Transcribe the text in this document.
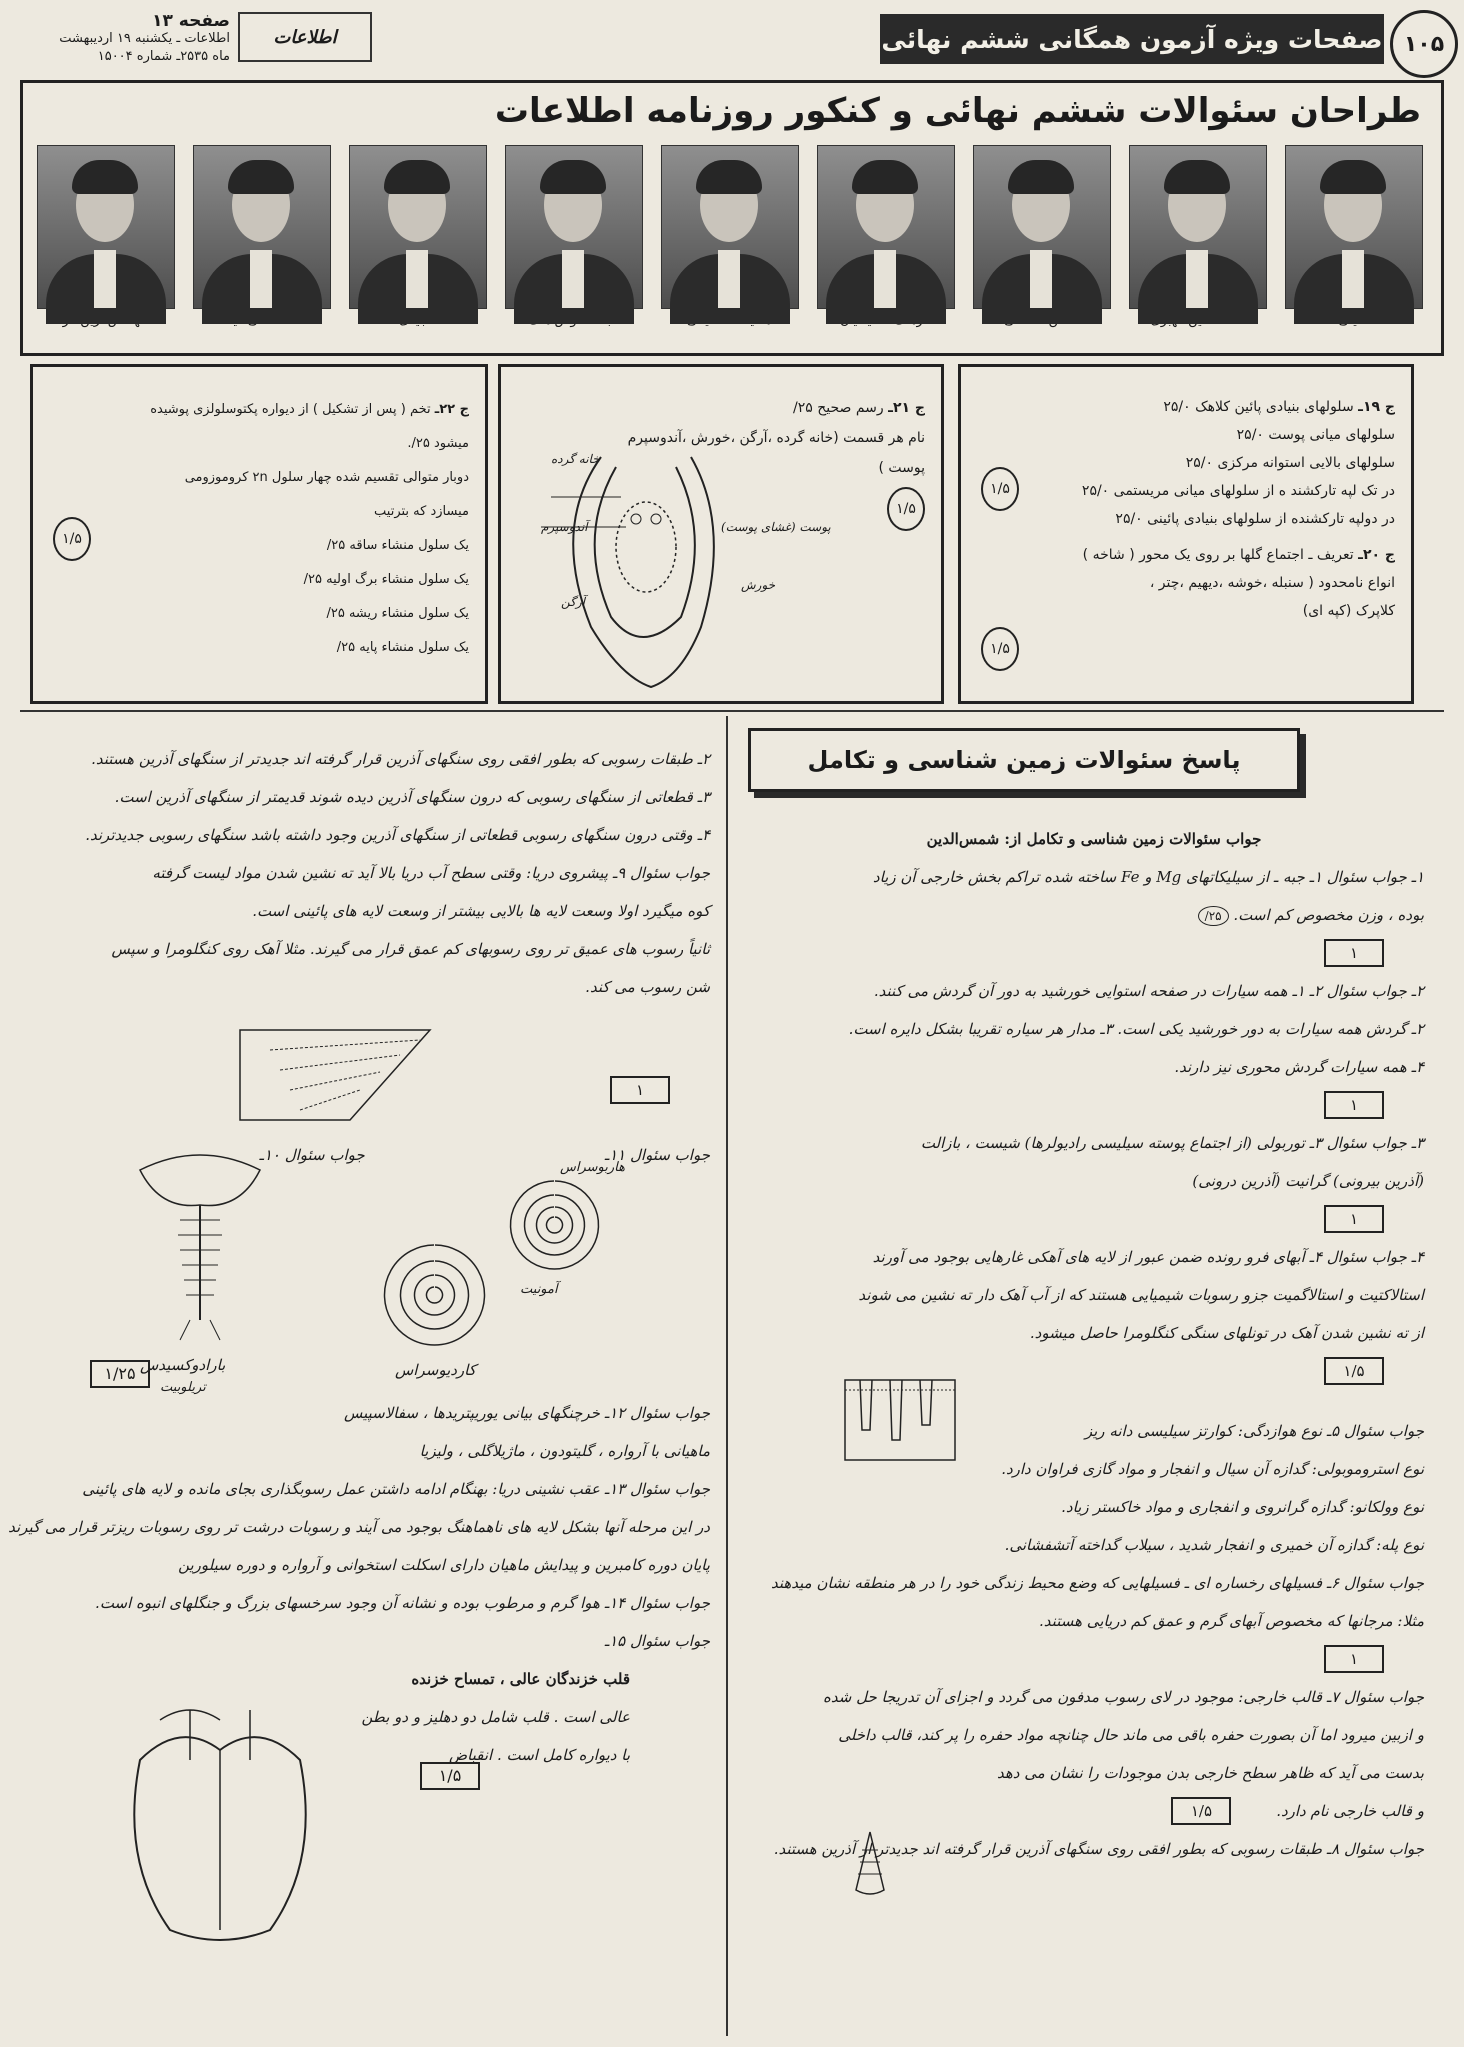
۱۰۵
صفحات ویژه آزمون همگانی ششم نهائی
اطلاعات
صفحه ۱۳
اطلاعات ـ یکشنبه ۱۹ اردیبهشت
ماه ۲۵۳۵ـ شماره ۱۵۰۰۴
طراحان سئوالات ششم نهائی و کنکور روزنامه اطلاعات
ج ۱۹ـ سلولهای بنیادی پائین کلاهک ۲۵/۰
سلولهای میانی پوست ۲۵/۰
سلولهای بالایی استوانه مرکزی ۲۵/۰
در تک لپه تارکشند ه از سلولهای میانی مریستمی ۲۵/۰
در دولپه تارکشنده از سلولهای بنیادی پائینی ۲۵/۰
ج ۲۰ـ تعریف ـ اجتماع گلها بر روی یک محور ( شاخه )
انواع نامحدود ( سنبله ،خوشه ،دیهیم ،چتر ،
کلاپرک (کپه ای)
۱/۵
۱/۵
ج ۲۱ـ رسم صحیح ۲۵/
نام هر قسمت (خانه گرده ،آرگن ،خورش ،آندوسپرم
پوست )
۱/۵
خانه گرده
آندوسپرم
آرگن
پوست (غشای پوست)
خورش
ج ۲۲ـ تخم ( پس از تشکیل ) از دیواره پکتوسلولزی پوشیده
میشود ۲۵/.
دوبار متوالی تقسیم شده چهار سلول ۲n کروموزومی
میسازد که بترتیب
یک سلول منشاء ساقه ۲۵/
یک سلول منشاء برگ اولیه ۲۵/
یک سلول منشاء ریشه ۲۵/
یک سلول منشاء پایه ۲۵/
۱/۵
پاسخ سئوالات زمین شناسی و تکامل
جواب سئوالات زمین شناسی و تکامل از: شمس‌الدین
۱ـ جواب سئوال ۱ـ جبه ـ از سیلیکاتهای Mg و Fe ساخته شده تراکم بخش خارجی آن زیاد
بوده ، وزن مخصوص کم است. ۲۵/
۱
۲ـ جواب سئوال ۲ـ ۱ـ همه سیارات در صفحه استوایی خورشید به دور آن گردش می کنند.
۲ـ گردش همه سیارات به دور خورشید یکی است. ۳ـ مدار هر سیاره تقریبا بشکل دایره است.
۴ـ همه سیارات گردش محوری نیز دارند.
۱
۳ـ جواب سئوال ۳ـ توربولی (از اجتماع پوسته سیلیسی رادیولرها) شیست ، بازالت
(آذرین بیرونی) گرانیت (آذرین درونی)
۱
۴ـ جواب سئوال ۴ـ آبهای فرو رونده ضمن عبور از لایه های آهکی غارهایی بوجود می آورند
استالاکتیت و استالاگمیت جزو رسوبات شیمیایی هستند که از آب آهک دار ته نشین می شوند
از ته نشین شدن آهک در تونلهای سنگی کنگلومرا حاصل میشود.
۱/۵
جواب سئوال ۵ـ نوع هوازدگی: کوارتز سیلیسی دانه ریز
نوع استروموبولی: گدازه آن سیال و انفجار و مواد گازی فراوان دارد.
نوع وولکانو: گدازه گرانروی و انفجاری و مواد خاکستر زیاد.
نوع پله: گدازه آن خمیری و انفجار شدید ، سیلاب گداخته آتشفشانی.
جواب سئوال ۶ـ فسیلهای رخساره ای ـ فسیلهایی که وضع محیط زندگی خود را در هر منطقه نشان میدهند
مثلا: مرجانها که مخصوص آبهای گرم و عمق کم دریایی هستند.
۱
جواب سئوال ۷ـ قالب خارجی: موجود در لای رسوب مدفون می گردد و اجزای آن تدریجا حل شده
و ازبین میرود اما آن بصورت حفره باقی می ماند حال چنانچه مواد حفره را پر کند، قالب داخلی
بدست می آید که ظاهر سطح خارجی بدن موجودات را نشان می دهد
و قالب خارجی نام دارد. ۱/۵
جواب سئوال ۸ـ طبقات رسوبی که بطور افقی روی سنگهای آذرین قرار گرفته اند جدیدتر از آذرین هستند.
۲ـ طبقات رسوبی که بطور افقی روی سنگهای آذرین قرار گرفته اند جدیدتر از سنگهای آذرین هستند.
۳ـ قطعاتی از سنگهای رسوبی که درون سنگهای آذرین دیده شوند قدیمتر از سنگهای آذرین است.
۴ـ وقتی درون سنگهای رسوبی قطعاتی از سنگهای آذرین وجود داشته باشد سنگهای رسوبی جدیدترند.
جواب سئوال ۹ـ پیشروی دریا: وقتی سطح آب دریا بالا آید ته نشین شدن مواد لیست گرفته
کوه میگیرد اولا وسعت لایه ها بالایی بیشتر از وسعت لایه های پائینی است.
ثانیاً رسوب های عمیق تر روی رسوبهای کم عمق قرار می گیرند. مثلا آهک روی کنگلومرا و سپس
شن رسوب می کند.
۱
جواب سئوال ۱۱ـجواب سئوال ۱۰ـ
جواب سئوال ۱۲ـ خرچنگهای بیانی یوریپتریدها ، سفالاسپیس
ماهیانی با آرواره ، گلیتودون ، ماژیلاگلی ، ولیزیا
جواب سئوال ۱۳ـ عقب نشینی دریا: بهنگام ادامه داشتن عمل رسوبگذاری بجای مانده و لایه های پائینی
در این مرحله آنها بشکل لایه های ناهماهنگ بوجود می آیند و رسوبات درشت تر روی رسوبات ریزتر قرار می گیرند
پایان دوره کامبرین و پیدایش ماهیان دارای اسکلت استخوانی و آرواره و دوره سیلورین
جواب سئوال ۱۴ـ هوا گرم و مرطوب بوده و نشانه آن وجود سرخسهای بزرگ و جنگلهای انبوه است.
جواب سئوال ۱۵ـ
قلب خزندگان عالی ، تمساح خزنده
عالی است . قلب شامل دو دهلیز و دو بطن
با دیواره کامل است . انقباض
بارادوکسیدس
تریلوبیت
۱/۲۵	کاردیوسراس
هاربوسراس
آمونیت
۱/۵
